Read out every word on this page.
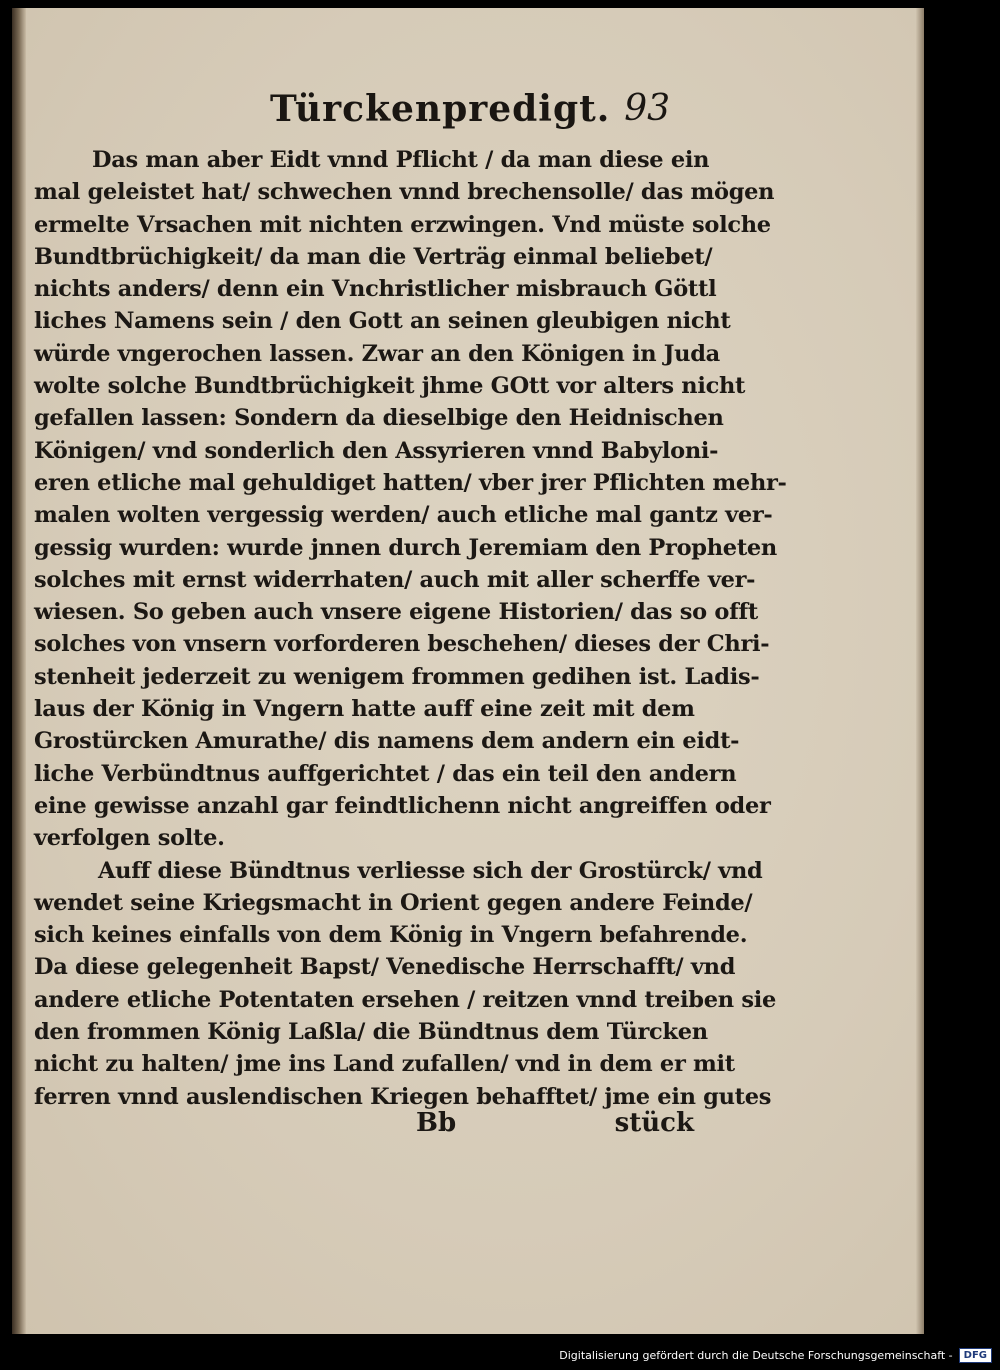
Türckenpredigt. 93
Das man aber Eidt vnnd Pflicht / da man diese ein
mal geleistet hat/ schwechen vnnd brechensolle/ das mögen
ermelte Vrsachen mit nichten erzwingen. Vnd müste solche
Bundtbrüchigkeit/ da man die Verträg einmal beliebet/
nichts anders/ denn ein Vnchristlicher misbrauch Göttl
liches Namens sein / den Gott an seinen gleubigen nicht
würde vngerochen lassen. Zwar an den Königen in Juda
wolte solche Bundtbrüchigkeit jhme GOtt vor alters nicht
gefallen lassen: Sondern da dieselbige den Heidnischen
Königen/ vnd sonderlich den Assyrieren vnnd Babyloni-
eren etliche mal gehuldiget hatten/ vber jrer Pflichten mehr-
malen wolten vergessig werden/ auch etliche mal gantz ver-
gessig wurden: wurde jnnen durch Jeremiam den Propheten
solches mit ernst widerrhaten/ auch mit aller scherffe ver-
wiesen. So geben auch vnsere eigene Historien/ das so offt
solches von vnsern vorforderen beschehen/ dieses der Chri-
stenheit jederzeit zu wenigem frommen gedihen ist. Ladis-
laus der König in Vngern hatte auff eine zeit mit dem
Grostürcken Amurathe/ dis namens dem andern ein eidt-
liche Verbündtnus auffgerichtet / das ein teil den andern
eine gewisse anzahl gar feindtlichenn nicht angreiffen oder
verfolgen solte.
Auff diese Bündtnus verliesse sich der Grostürck/ vnd
wendet seine Kriegsmacht in Orient gegen andere Feinde/
sich keines einfalls von dem König in Vngern befahrende.
Da diese gelegenheit Bapst/ Venedische Herrschafft/ vnd
andere etliche Potentaten ersehen / reitzen vnnd treiben sie
den frommen König Laßla/ die Bündtnus dem Türcken
nicht zu halten/ jme ins Land zufallen/ vnd in dem er mit
ferren vnnd auslendischen Kriegen behafftet/ jme ein gutes
Bb	stück
Digitalisierung gefördert durch die Deutsche Forschungsgemeinschaft -	DFG
